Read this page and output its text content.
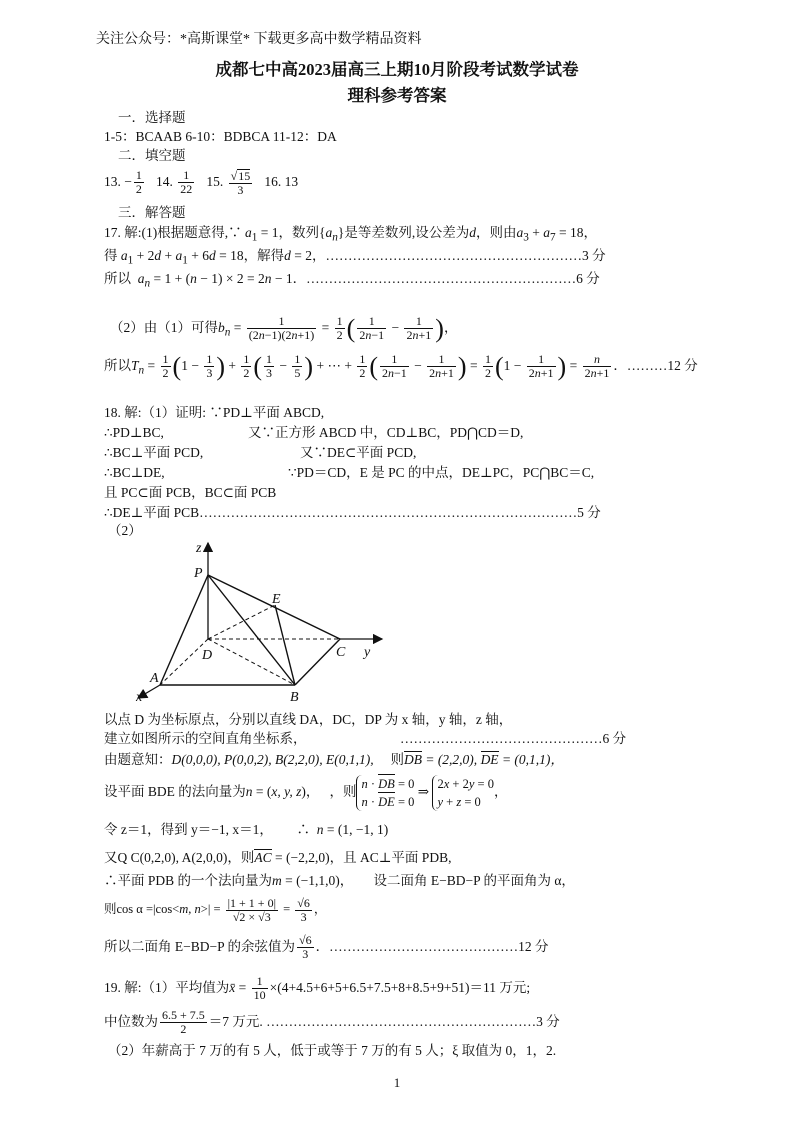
关注公众号：*高斯课堂* 下载更多高中数学精品资料
成都七中高2023届高三上期10月阶段考试数学试卷
理科参考答案
一．选择题
1-5：BCAAB 6-10：BDBCA 11-12：DA
二．填空题
13. − $\frac{1}{2} 14$. $\frac{1}{22} 15$. $\frac{√15}{3} 16$. 13
三．解答题
17. 解:(1)根据题意得,∵ $a_1 = 1$，数列$\{a_n\}$是等差数列,设公差为d，则由$a_3 + a_7 = 18$，
得 $a_1 + 2d + a_1 + 6d = 18$，解得d = 2，…………………………………………………3 分
所以 $a_n = 1 + (n - 1) \times 2 = 2n - 1$．……………………………………………………6 分
（2）由（1）可得$b_n = \frac{1}{(2n-1)(2n+1)} = \frac{1}{2}$ ( $\frac{1}{2n-1} - \frac{1}{2n+1}$ )，
所以$T_n = \frac{1}{2} (1 - \frac{1}{3}$ ) + $\frac{1}{2}$ ( $\frac{1}{3} - \frac{1}{5}$ ) + ⋯ + $\frac{1}{2}$ ( $\frac{1}{2n-1} - \frac{1}{2n+1}$ ) = $\frac{1}{2} (1 - \frac{1}{2n+1}$ ) = $\frac{n}{2n+1}$ ．………12 分
18. 解:（1）证明: ∵PD⊥平面 ABCD,
∴PD⊥BC,	又∵正方形 ABCD 中，CD⊥BC，PD⋂CD＝D,
∴BC⊥平面 PCD,	又∵DE⊂平面 PCD,
∴BC⊥DE,	∵PD＝CD，E 是 PC 的中点，DE⊥PC，PC⋂BC＝C,
且 PC⊂面 PCB，BC⊂面 PCB
∴DE⊥平面 PCB…………………………………………………………………………5 分
（2）
z
P
E
D	C y
A
x	B
以点 D 为坐标原点，分别以直线 DA，DC，DP 为 x 轴，y 轴，z 轴，
建立如图所示的空间直角坐标系，	………………………………………6 分
由题意知：D(0,0,0), P(0,0,2), B(2,2,0), E(0,1,1), 则DB = (2,2,0), DE = (0,1,1)，
设平面 BDE 的法向量为n = (x, y, z)，   ，则n · DB = 0
n · DE = 0 ⇒ 2x + 2y = 0
y + z = 0，
令 z＝1，得到 y＝−1, x＝1， ∴ n = (1, −1, 1)
又Q C(0,2,0), A(2,0,0)，则AC = (−2,2,0)，且 AC⊥平面 PDB,
∴平面 PDB 的一个法向量为m = (−1,1,0)，      设二面角 E−BD−P 的平面角为 α，
则cos α =|cos<m, $n>| = \frac{|1 + 1 + 0|}{√2 \times √3} = \frac{√6}{3}$ ，
所以二面角 E−BD−P 的余弦值为 $\frac{√6}{3}$ ．……………………………………12 分
19. 解:（1）平均值为x̄ = $\frac{1}{10} \times(4+4.5+6+5+6.5+7.5+8+8.5+9+51)=11$ 万元;
中位数为 $\frac{6.5 + 7.5}{2} =7$ 万元. ……………………………………………………3 分
（2）年薪高于 7 万的有 5 人，低于或等于 7 万的有 5 人；ξ 取值为 0，1，2.
1
